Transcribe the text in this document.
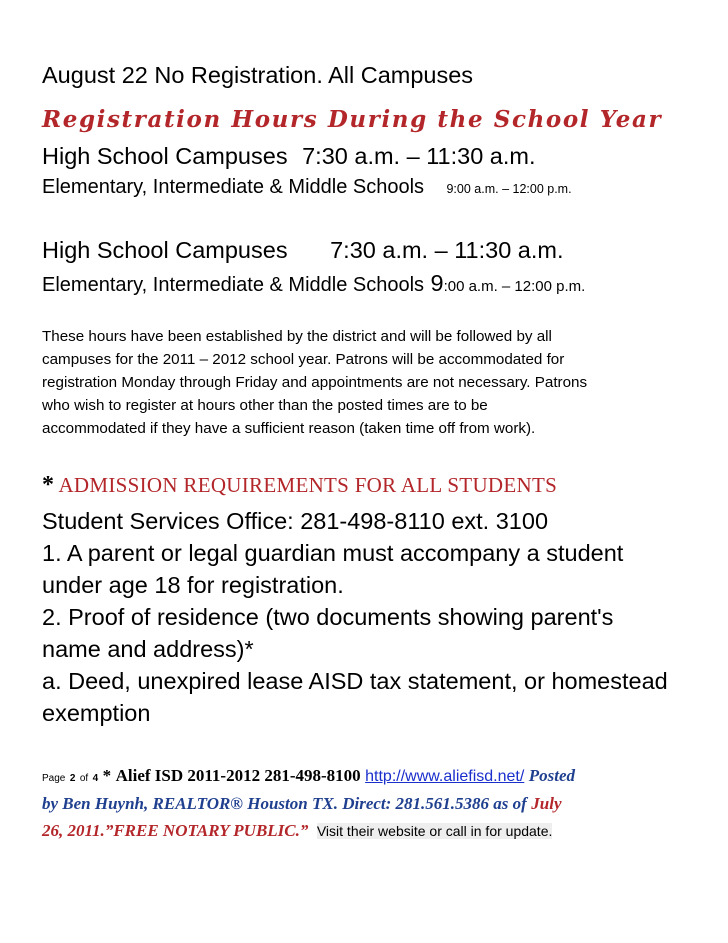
August 22 No Registration. All Campuses
Registration Hours During the School Year
High School Campuses 7:30 a.m. – 11:30 a.m.
Elementary, Intermediate & Middle Schools 9:00 a.m. – 12:00 p.m.
High School Campuses 7:30 a.m. – 11:30 a.m.
Elementary, Intermediate & Middle Schools 9:00 a.m. – 12:00 p.m.
These hours have been established by the district and will be followed by all
campuses for the 2011 – 2012 school year. Patrons will be accommodated for
registration Monday through Friday and appointments are not necessary. Patrons
who wish to register at hours other than the posted times are to be
accommodated if they have a sufficient reason (taken time off from work).
* ADMISSION REQUIREMENTS FOR ALL STUDENTS
Student Services Office: 281-498-8110 ext. 3100
1. A parent or legal guardian must accompany a student
under age 18 for registration.
2. Proof of residence (two documents showing parent's
name and address)*
a. Deed, unexpired lease AISD tax statement, or homestead
exemption
Page 2 of 4 * Alief ISD 2011-2012 281-498-8100 http://www.aliefisd.net/ Posted
by Ben Huynh, REALTOR® Houston TX. Direct: 281.561.5386 as of July
26, 2011.”FREE NOTARY PUBLIC.” Visit their website or call in for update.
